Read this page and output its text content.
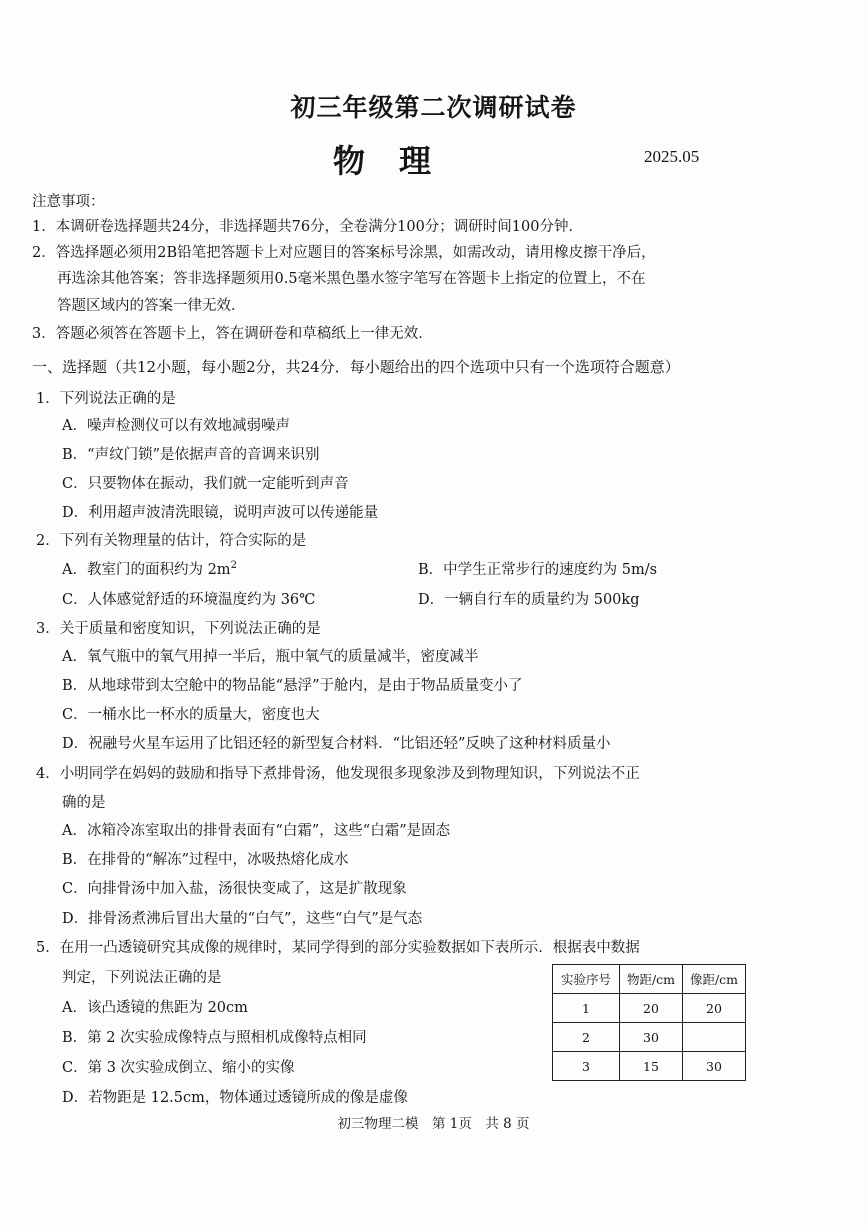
初三年级第二次调研试卷
物理	2025.05
注意事项：
1．本调研卷选择题共24分，非选择题共76分，全卷满分100分；调研时间100分钟．
2．答选择题必须用2B铅笔把答题卡上对应题目的答案标号涂黑，如需改动，请用橡皮擦干净后，
再选涂其他答案；答非选择题须用0.5毫米黑色墨水签字笔写在答题卡上指定的位置上，不在
答题区域内的答案一律无效．
3．答题必须答在答题卡上，答在调研卷和草稿纸上一律无效．
一、选择题（共12小题，每小题2分，共24分．每小题给出的四个选项中只有一个选项符合题意）
1．下列说法正确的是
A．噪声检测仪可以有效地减弱噪声
B．“声纹门锁”是依据声音的音调来识别
C．只要物体在振动，我们就一定能听到声音
D．利用超声波清洗眼镜，说明声波可以传递能量
2．下列有关物理量的估计，符合实际的是
A．教室门的面积约为 $2m^2$	B．中学生正常步行的速度约为 5m/s
C．人体感觉舒适的环境温度约为 36℃	D．一辆自行车的质量约为 500kg
3．关于质量和密度知识，下列说法正确的是
A．氧气瓶中的氧气用掉一半后，瓶中氧气的质量减半，密度减半
B．从地球带到太空舱中的物品能“悬浮”于舱内，是由于物品质量变小了
C．一桶水比一杯水的质量大，密度也大
D．祝融号火星车运用了比铝还轻的新型复合材料．“比铝还轻”反映了这种材料质量小
4．小明同学在妈妈的鼓励和指导下煮排骨汤，他发现很多现象涉及到物理知识，下列说法不正
确的是
A．冰箱冷冻室取出的排骨表面有“白霜”，这些“白霜”是固态
B．在排骨的“解冻”过程中，冰吸热熔化成水
C．向排骨汤中加入盐，汤很快变咸了，这是扩散现象
D．排骨汤煮沸后冒出大量的“白气”，这些“白气”是气态
5．在用一凸透镜研究其成像的规律时，某同学得到的部分实验数据如下表所示．根据表中数据
判定，下列说法正确的是
A．该凸透镜的焦距为 20cm
B．第 2 次实验成像特点与照相机成像特点相同
C．第 3 次实验成倒立、缩小的实像
D．若物距是 12.5cm，物体通过透镜所成的像是虚像
实验序号	物距/cm	像距/cm
1	20	20
2	30	
3	15	30
初三物理二模　第 1页　共 8 页
